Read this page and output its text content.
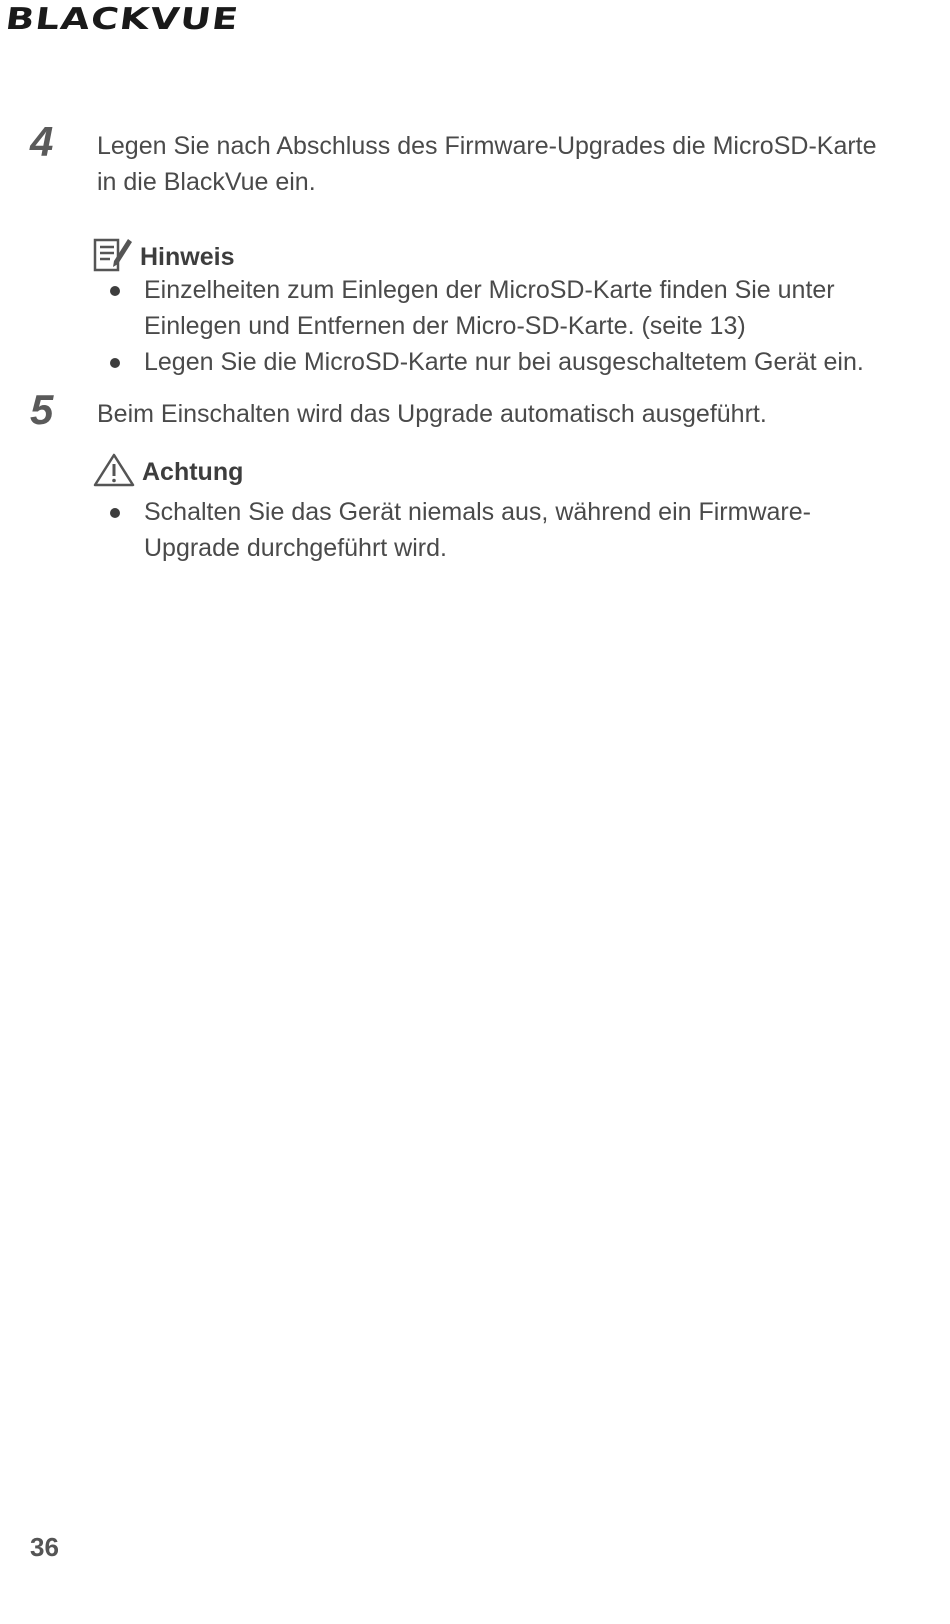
BLACKVUE
4 Legen Sie nach Abschluss des Firmware-Upgrades die MicroSD-Karte in die BlackVue ein.
Hinweis
Einzelheiten zum Einlegen der MicroSD-Karte finden Sie unter Einlegen und Entfernen der Micro-SD-Karte. (seite 13)
Legen Sie die MicroSD-Karte nur bei ausgeschaltetem Gerät ein.
5 Beim Einschalten wird das Upgrade automatisch ausgeführt.
Achtung
Schalten Sie das Gerät niemals aus, während ein Firmware-Upgrade durchgeführt wird.
36
